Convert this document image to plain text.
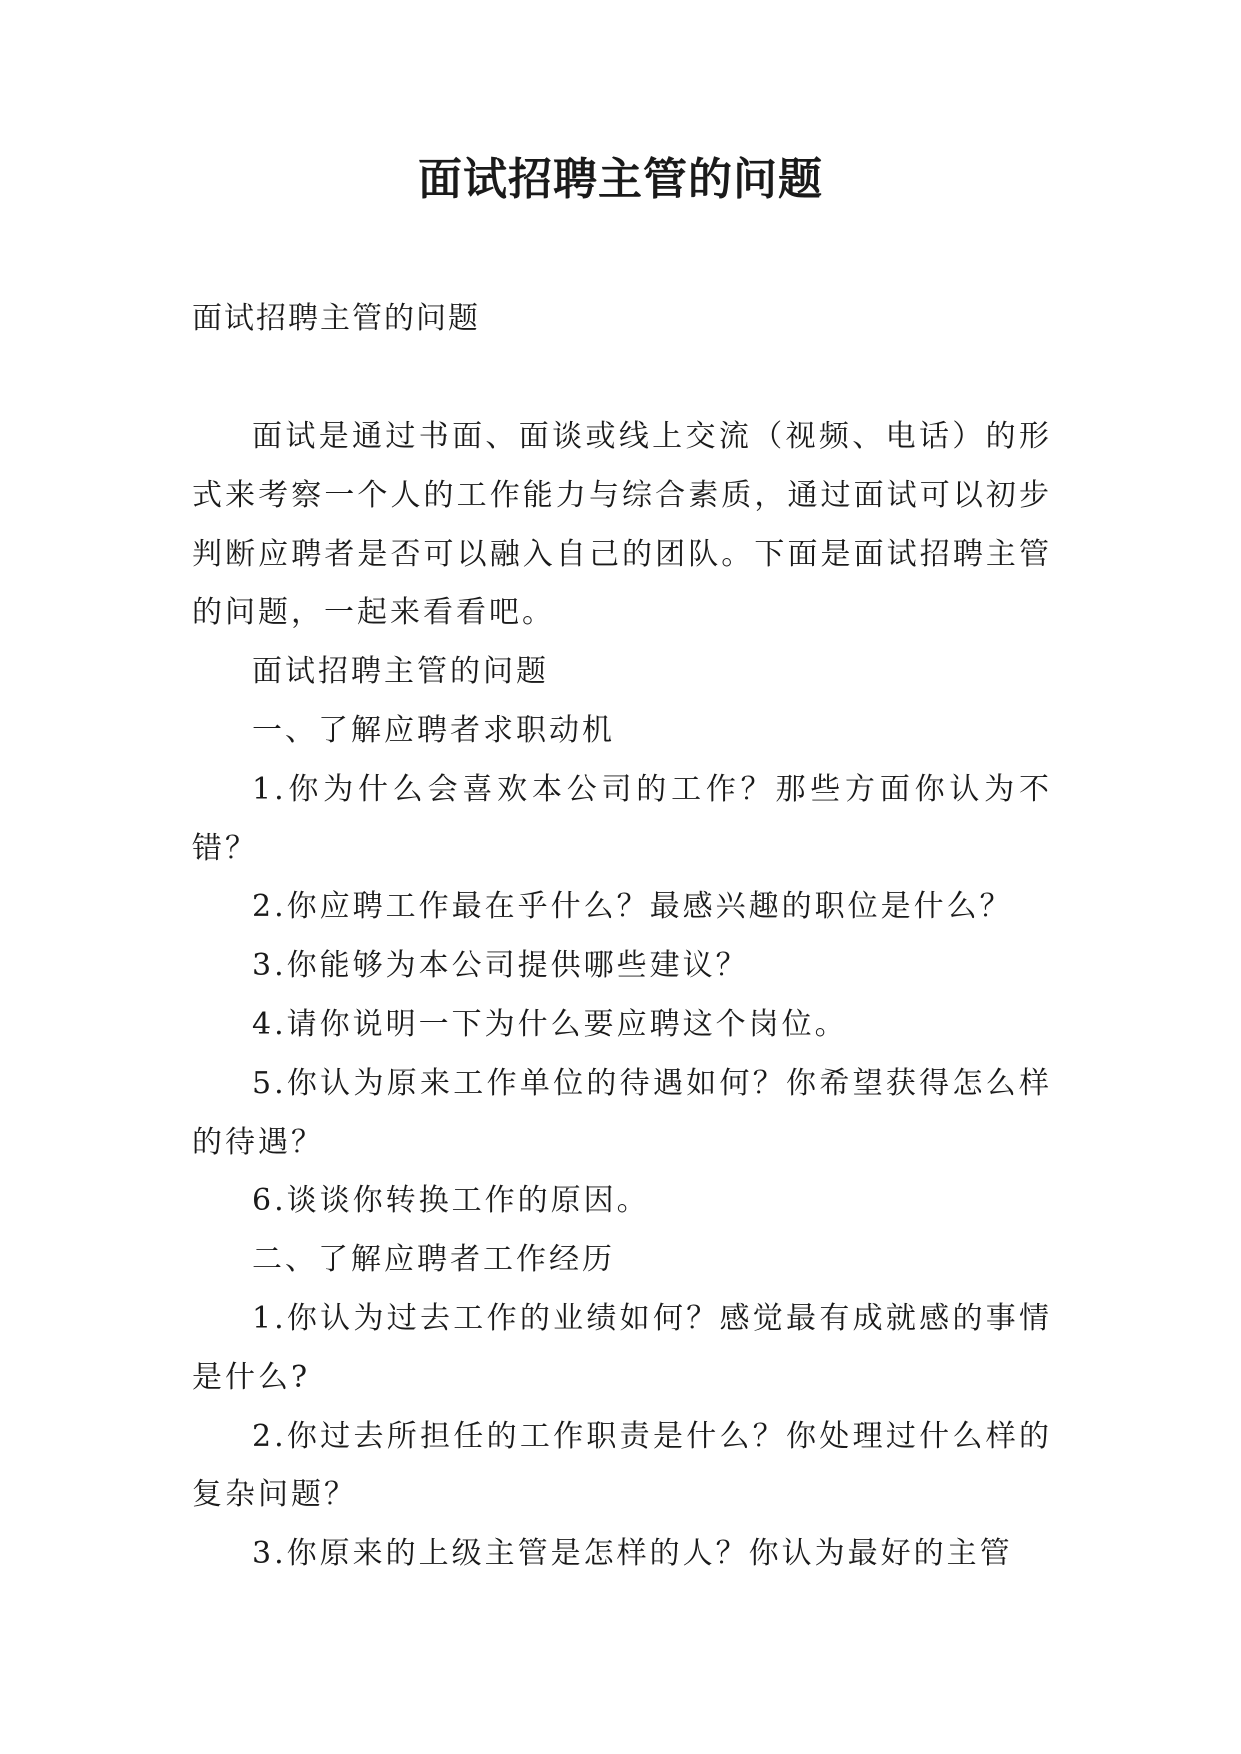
面试招聘主管的问题

面试招聘主管的问题

面试是通过书面、面谈或线上交流（视频、电话）的形式来考察一个人的工作能力与综合素质，通过面试可以初步判断应聘者是否可以融入自己的团队。下面是面试招聘主管的问题，一起来看看吧。

面试招聘主管的问题

一、了解应聘者求职动机

1.你为什么会喜欢本公司的工作？那些方面你认为不错？

2.你应聘工作最在乎什么？最感兴趣的职位是什么？

3.你能够为本公司提供哪些建议？

4.请你说明一下为什么要应聘这个岗位。

5.你认为原来工作单位的待遇如何？你希望获得怎么样的待遇？

6.谈谈你转换工作的原因。

二、了解应聘者工作经历

1.你认为过去工作的业绩如何？感觉最有成就感的事情是什么?

2.你过去所担任的工作职责是什么？你处理过什么样的复杂问题？

3.你原来的上级主管是怎样的人？你认为最好的主管
